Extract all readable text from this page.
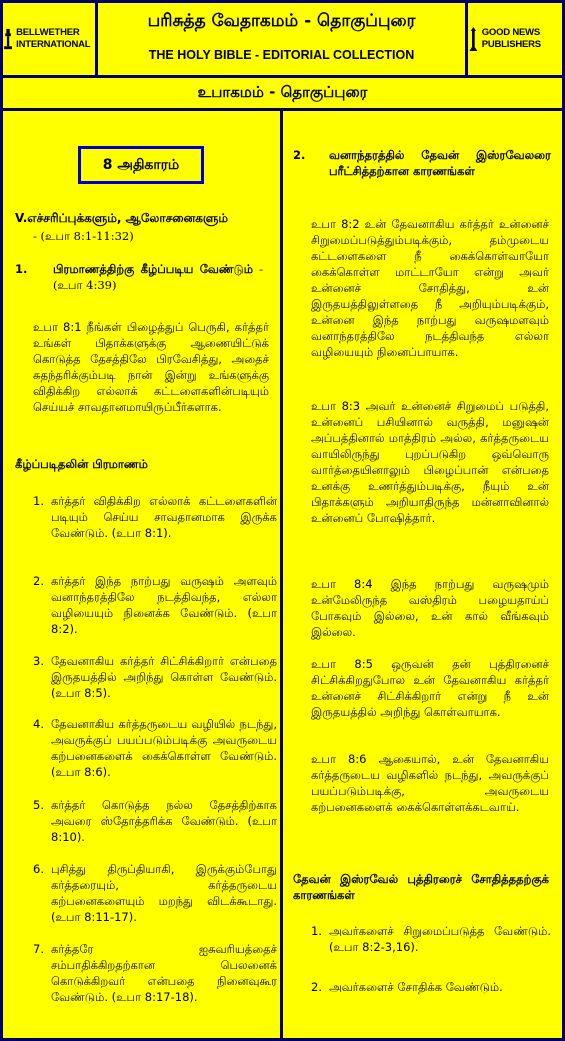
BELLWETHER INTERNATIONAL
பரிசுத்த வேதாகமம் - தொகுப்புரை
THE HOLY BIBLE - EDITORIAL COLLECTION
GOOD NEWS PUBLISHERS
உபாகமம் - தொகுப்புரை
8 அதிகாரம்
V.எச்சரிப்புக்களும், ஆலோசனைகளும்
- (உபா 8:1-11:32)
1. பிரமாணத்திற்கு கீழ்ப்படிய வேண்டும் - (உபா 4:39)
உபா 8:1 நீங்கள் பிழைத்துப் பெருகி, கர்த்தர் உங்கள் பிதாக்களுக்கு ஆணையிட்டுக் கொடுத்த தேசத்திலே பிரவேசித்து, அதைச் சுதந்தரிக்கும்படி நான் இன்று உங்களுக்கு விதிக்கிற எல்லாக் கட்டளைகளின்படியும் செய்யச் சாவதானமாயிருப்பீர்களாக.
கீழ்ப்படிதலின் பிரமாணம்
1. கர்த்தர் விதிக்கிற எல்லாக் கட்டளைகளின் படியும் செய்ய சாவதானமாக இருக்க வேண்டும். (உபா 8:1).
2. கர்த்தர் இந்த நாற்பது வருஷம் அளவும் வனாந்தரத்திலே நடத்திவந்த, எல்லா வழியையும் நினைக்க வேண்டும். (உபா 8:2).
3. தேவனாகிய கர்த்தர் சிட்சிக்கிறார் என்பதை இருதயத்தில் அறிந்து கொள்ள வேண்டும். (உபா 8:5).
4. தேவனாகிய கர்த்தருடைய வழியில் நடந்து, அவருக்குப் பயப்படும்படிக்கு அவருடைய கற்பனைகளைக் கைக்கொள்ள வேண்டும். (உபா 8:6).
5. கர்த்தர் கொடுத்த நல்ல தேசத்திற்காக அவரை ஸ்தோத்தரிக்க வேண்டும். (உபா 8:10).
6. புசித்து திருப்தியாகி, இருக்கும்போது கர்த்தரையும், கர்த்தருடைய கற்பனைகளையும் மறந்து விடக்கூடாது. (உபா 8:11-17).
7. கர்த்தரே ஐசுவரியத்தைச் சம்பாதிக்கிறதற்கான பெலனைக் கொடுக்கிறவர் என்பதை நினைவுகூர வேண்டும். (உபா 8:17-18).
2. வனாந்தரத்தில் தேவன் இஸ்ரவேலரை பரீட்சித்தற்கான காரணங்கள்
உபா 8:2 உன் தேவனாகிய கர்த்தர் உன்னைச் சிறுமைப்படுத்தும்படிக்கும், தம்முடைய கட்டளைகளை நீ கைக்கொள்வாயோ கைக்கொள்ள மாட்டாயோ என்று அவர் உன்னைச் சோதித்து, உன் இருதயத்திலுள்ளதை நீ அறியும்படிக்கும், உன்னை இந்த நாற்பது வருஷமளவும் வனாந்தரத்திலே நடத்திவந்த எல்லா வழியையும் நினைப்பாயாக.
உபா 8:3 அவர் உன்னைச் சிறுமைப் படுத்தி, உன்னைப் பசியினால் வருத்தி, மனுஷன் அப்பத்தினால் மாத்திரம் அல்ல, கர்த்தருடைய வாயிலிருந்து புறப்படுகிற ஒவ்வொரு வார்த்தையினாலும் பிழைப்பான் என்பதை உனக்கு உணர்த்தும்படிக்கு, நீயும் உன் பிதாக்களும் அறியாதிருந்த மன்னாவினால் உன்னைப் போஷித்தார்.
உபா 8:4 இந்த நாற்பது வருஷமும் உன்மேலிருந்த வஸ்திரம் பழையதாய்ப் போகவும் இல்லை, உன் கால் வீங்கவும் இல்லை.
உபா 8:5 ஒருவன் தன் புத்திரனைச் சிட்சிக்கிறதுபோல உன் தேவனாகிய கர்த்தர் உன்னைச் சிட்சிக்கிறார் என்று நீ உன் இருதயத்தில் அறிந்து கொள்வாயாக.
உபா 8:6 ஆகையால், உன் தேவனாகிய கர்த்தருடைய வழிகளில் நடந்து, அவருக்குப் பயப்படும்படிக்கு, அவருடைய கற்பனைகளைக் கைக்கொள்ளக்கடவாய்.
தேவன் இஸ்ரவேல் புத்திரரைச் சோதித்ததற்குக் காரணங்கள்
1. அவர்களைச் சிறுமைப்படுத்த வேண்டும். (உபா 8:2-3,16).
2. அவர்களைச் சோதிக்க வேண்டும்.
